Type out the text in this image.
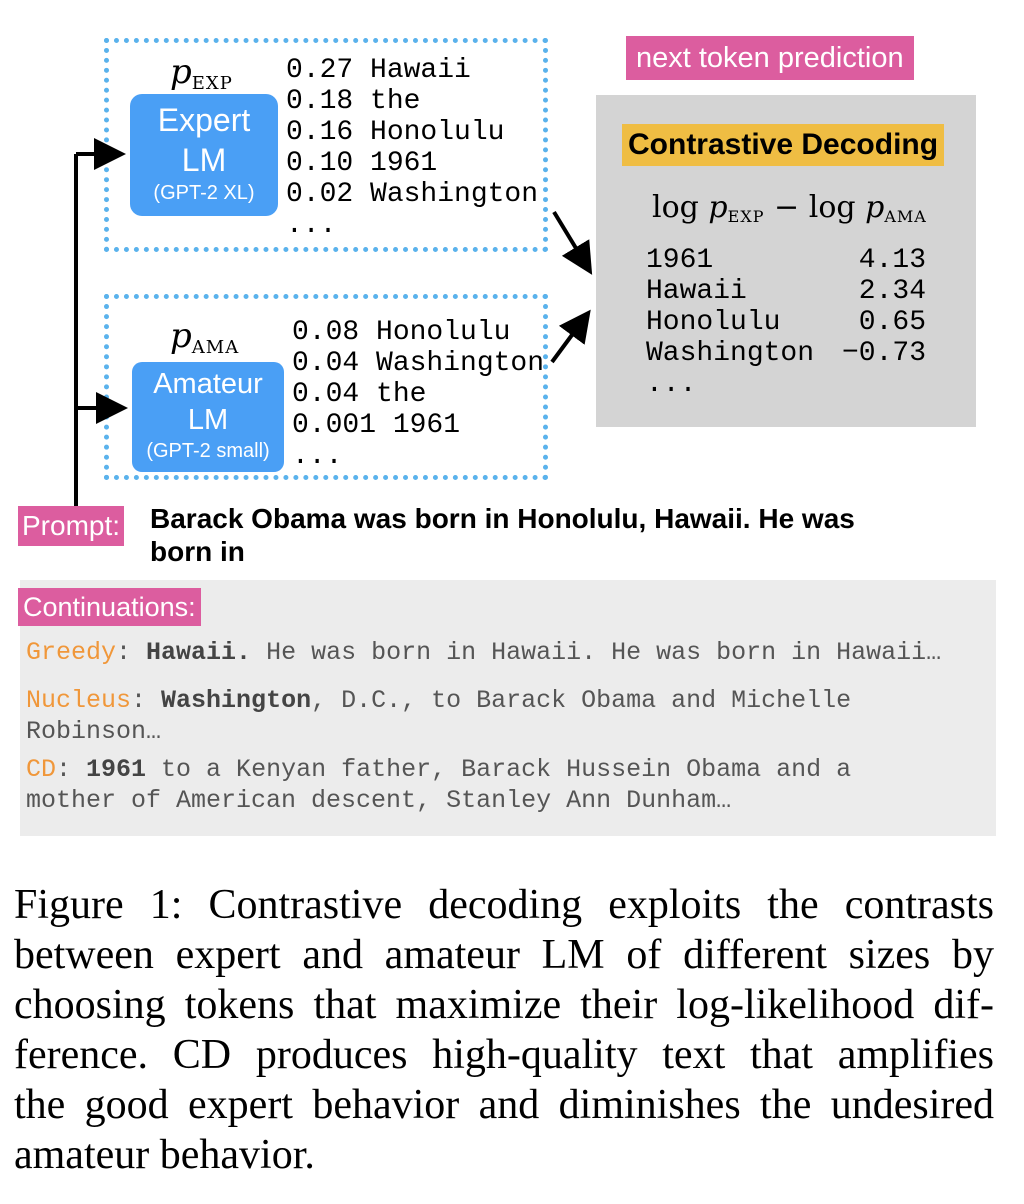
$p_{EXP}$
Expert
LM
(GPT-2 XL)
0.27 Hawaii
0.18 the
0.16 Honolulu
0.10 1961
0.02 Washington
...
$p_{AMA}$
Amateur
LM
(GPT-2 small)
0.08 Honolulu
0.04 Washington
0.04 the
0.001 1961
...
next token prediction
Contrastive Decoding
$\log p_{EXP} - \log p_{AMA}$
1961	4.13
Hawaii	2.34
Honolulu	0.65
Washington −0.73
...
Prompt: Barack Obama was born in Honolulu, Hawaii. He was
born in
Continuations:
Greedy: Hawaii. He was born in Hawaii. He was born in Hawaii…
Nucleus: Washington, D.C., to Barack Obama and Michelle
Robinson…
CD: 1961 to a Kenyan father, Barack Hussein Obama and a
mother of American descent, Stanley Ann Dunham…
Figure 1: Contrastive decoding exploits the contrasts
between expert and amateur LM of different sizes by
choosing tokens that maximize their log-likelihood dif-
ference. CD produces high-quality text that amplifies
the good expert behavior and diminishes the undesired
amateur behavior.
